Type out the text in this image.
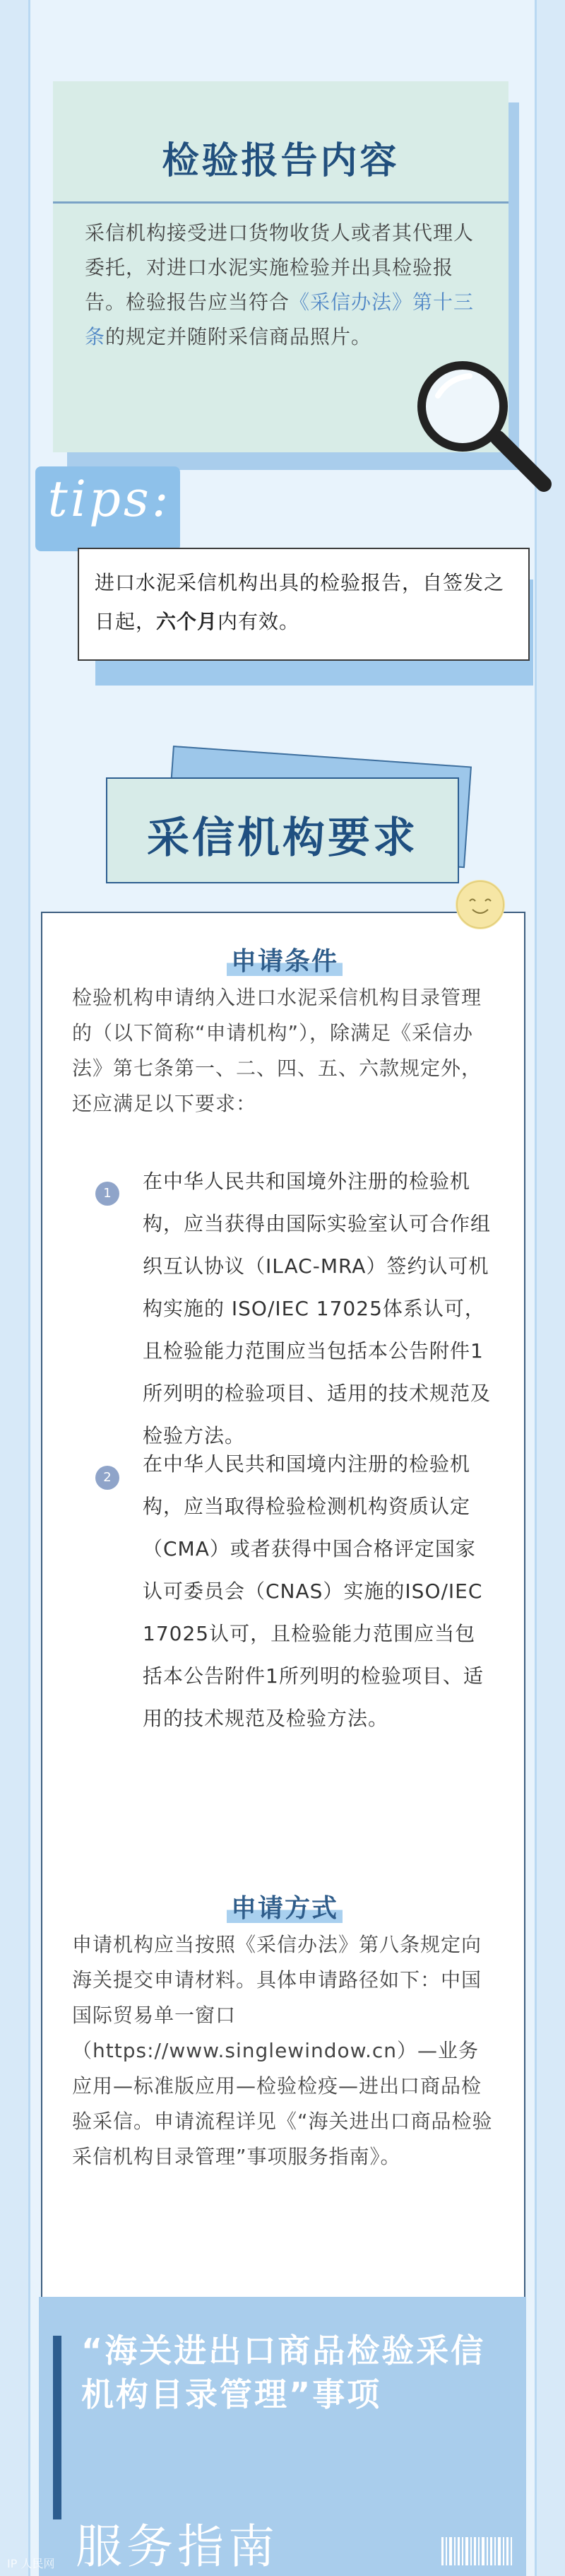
检验报告内容
采信机构接受进口货物收货人或者其代理人委托，对进口水泥实施检验并出具检验报告。检验报告应当符合《采信办法》第十三条的规定并随附采信商品照片。
tips:
进口水泥采信机构出具的检验报告，自签发之日起，六个月内有效。
采信机构要求
申请条件
检验机构申请纳入进口水泥采信机构目录管理的（以下简称“申请机构”），除满足《采信办法》第七条第一、二、四、五、六款规定外，还应满足以下要求：
1
在中华人民共和国境外注册的检验机构，应当获得由国际实验室认可合作组织互认协议（ILAC-MRA）签约认可机构实施的 ISO/IEC 17025体系认可，且检验能力范围应当包括本公告附件1所列明的检验项目、适用的技术规范及检验方法。
2
在中华人民共和国境内注册的检验机构，应当取得检验检测机构资质认定（CMA）或者获得中国合格评定国家认可委员会（CNAS）实施的ISO/IEC 17025认可，且检验能力范围应当包括本公告附件1所列明的检验项目、适用的技术规范及检验方法。
申请方式
申请机构应当按照《采信办法》第八条规定向海关提交申请材料。具体申请路径如下：中国国际贸易单一窗口（https://www.singlewindow.cn）—业务应用—标准版应用—检验检疫—进出口商品检验采信。申请流程详见《“海关进出口商品检验采信机构目录管理”事项服务指南》。
“海关进出口商品检验采信机构目录管理”事项
服务指南
IP 人民网
